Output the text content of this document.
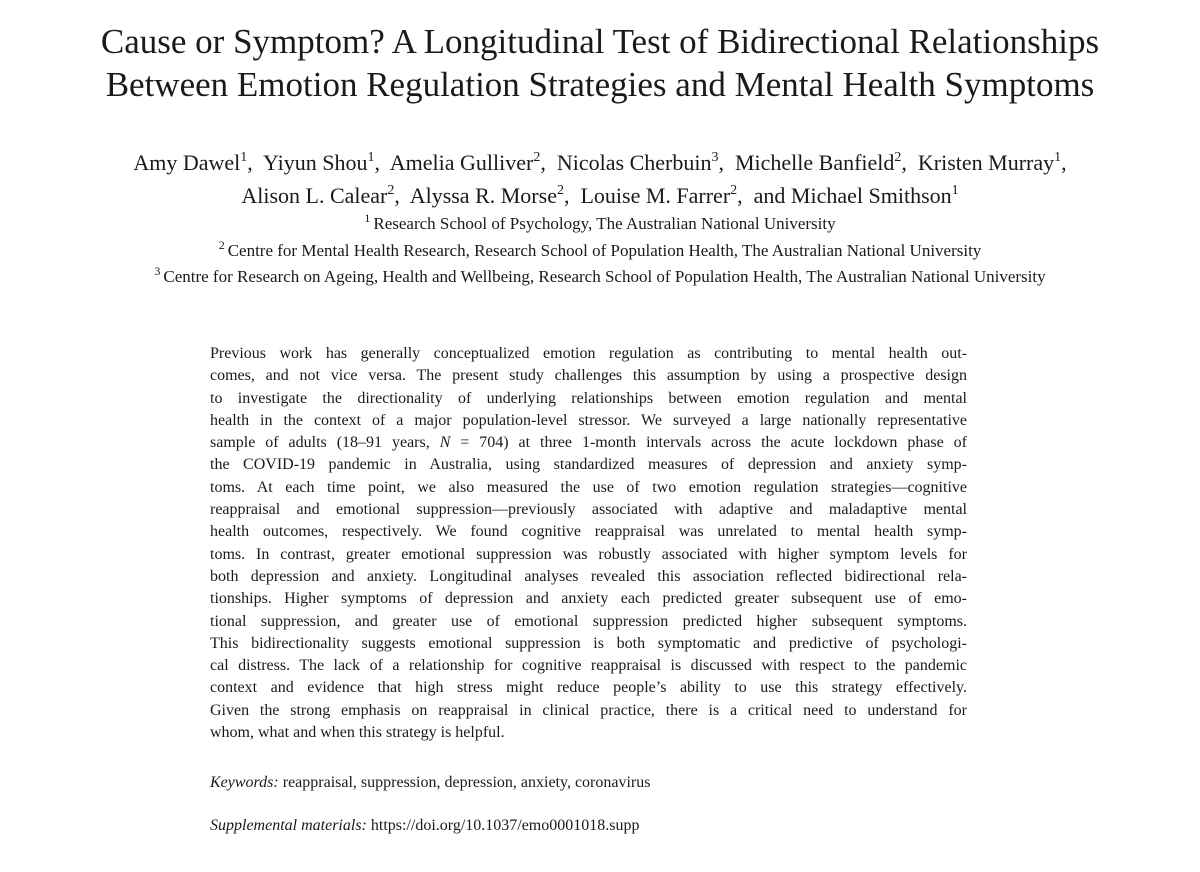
Cause or Symptom? A Longitudinal Test of Bidirectional Relationships
Between Emotion Regulation Strategies and Mental Health Symptoms
Amy Dawel$^1$, Yiyun Shou$^1$, Amelia Gulliver$^2$, Nicolas Cherbuin$^3$, Michelle Banfield$^2$, Kristen Murray$^1$,
Alison L. Calear$^2$, Alyssa R. Morse$^2$, Louise M. Farrer$^2$, and Michael Smithson$^1$
$^1$ Research School of Psychology, The Australian National University
$^2$ Centre for Mental Health Research, Research School of Population Health, The Australian National University
$^3$ Centre for Research on Ageing, Health and Wellbeing, Research School of Population Health, The Australian National University
Previous work has generally conceptualized emotion regulation as contributing to mental health out-
comes, and not vice versa. The present study challenges this assumption by using a prospective design
to investigate the directionality of underlying relationships between emotion regulation and mental
health in the context of a major population-level stressor. We surveyed a large nationally representative
sample of adults (18–91 years, N = 704) at three 1-month intervals across the acute lockdown phase of
the COVID-19 pandemic in Australia, using standardized measures of depression and anxiety symp-
toms. At each time point, we also measured the use of two emotion regulation strategies—cognitive
reappraisal and emotional suppression—previously associated with adaptive and maladaptive mental
health outcomes, respectively. We found cognitive reappraisal was unrelated to mental health symp-
toms. In contrast, greater emotional suppression was robustly associated with higher symptom levels for
both depression and anxiety. Longitudinal analyses revealed this association reflected bidirectional rela-
tionships. Higher symptoms of depression and anxiety each predicted greater subsequent use of emo-
tional suppression, and greater use of emotional suppression predicted higher subsequent symptoms.
This bidirectionality suggests emotional suppression is both symptomatic and predictive of psychologi-
cal distress. The lack of a relationship for cognitive reappraisal is discussed with respect to the pandemic
context and evidence that high stress might reduce people’s ability to use this strategy effectively.
Given the strong emphasis on reappraisal in clinical practice, there is a critical need to understand for
whom, what and when this strategy is helpful.
Keywords: reappraisal, suppression, depression, anxiety, coronavirus
Supplemental materials: https://doi.org/10.1037/emo0001018.supp
